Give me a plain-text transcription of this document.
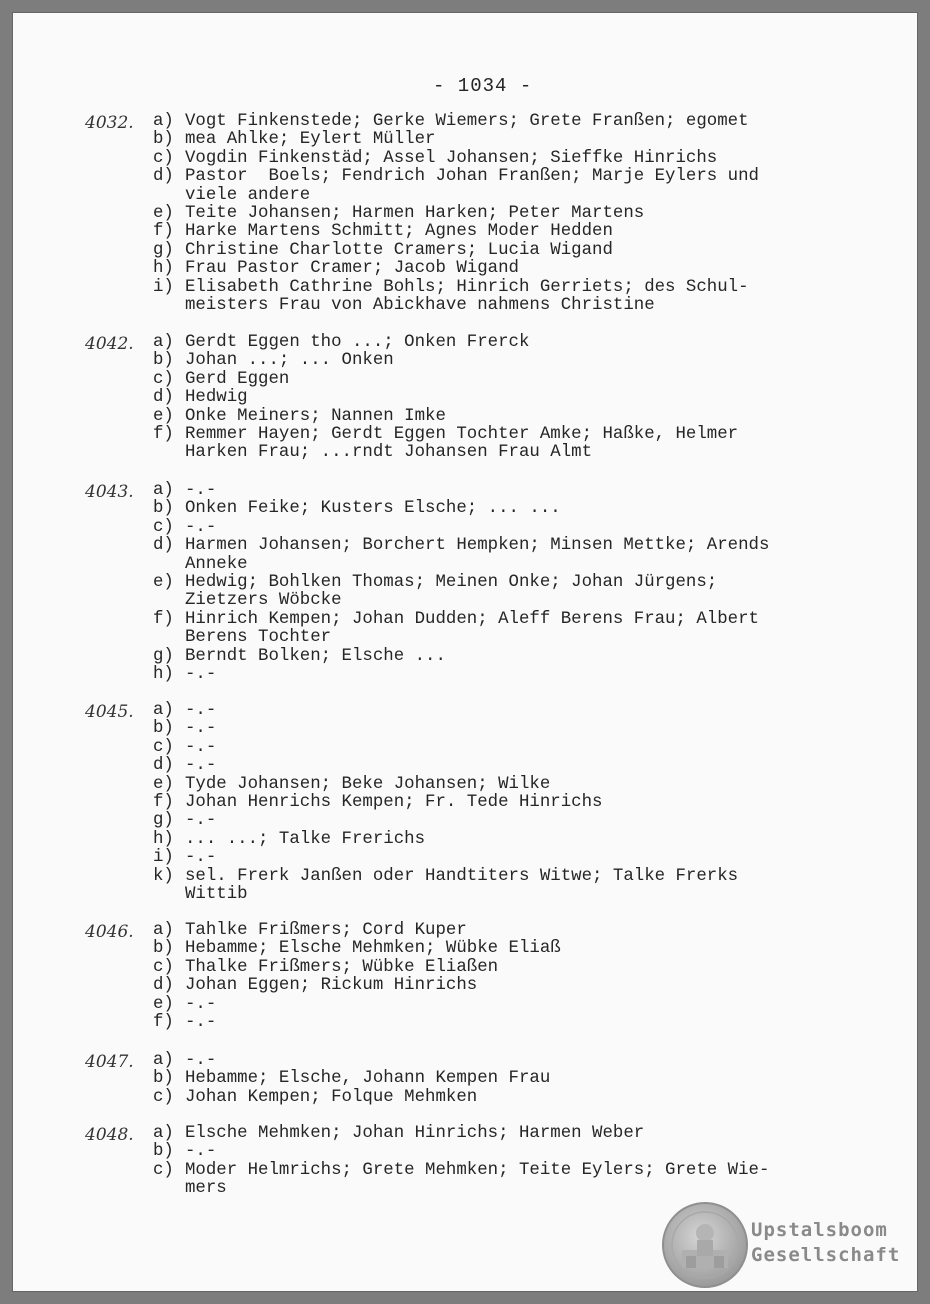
- 1034 -
4032. a) Vogt Finkenstede; Gerke Wiemers; Grete Franßen; egomet
b) mea Ahlke; Eylert Müller
c) Vogdin Finkenstäd; Assel Johansen; Sieffke Hinrichs
d) Pastor  Boels; Fendrich Johan Franßen; Marje Eylers und
viele andere
e) Teite Johansen; Harmen Harken; Peter Martens
f) Harke Martens Schmitt; Agnes Moder Hedden
g) Christine Charlotte Cramers; Lucia Wigand
h) Frau Pastor Cramer; Jacob Wigand
i) Elisabeth Cathrine Bohls; Hinrich Gerriets; des Schul-
meisters Frau von Abickhave nahmens Christine
4042. a) Gerdt Eggen tho ...; Onken Frerck
b) Johan ...; ... Onken
c) Gerd Eggen
d) Hedwig
e) Onke Meiners; Nannen Imke
f) Remmer Hayen; Gerdt Eggen Tochter Amke; Haßke, Helmer
Harken Frau; ...rndt Johansen Frau Almt
4043. a) -.-
b) Onken Feike; Kusters Elsche; ... ...
c) -.-
d) Harmen Johansen; Borchert Hempken; Minsen Mettke; Arends
Anneke
e) Hedwig; Bohlken Thomas; Meinen Onke; Johan Jürgens;
Zietzers Wöbcke
f) Hinrich Kempen; Johan Dudden; Aleff Berens Frau; Albert
Berens Tochter
g) Berndt Bolken; Elsche ...
h) -.-
4045. a) -.-
b) -.-
c) -.-
d) -.-
e) Tyde Johansen; Beke Johansen; Wilke
f) Johan Henrichs Kempen; Fr. Tede Hinrichs
g) -.-
h) ... ...; Talke Frerichs
i) -.-
k) sel. Frerk Janßen oder Handtiters Witwe; Talke Frerks
Wittib
4046. a) Tahlke Frißmers; Cord Kuper
b) Hebamme; Elsche Mehmken; Wübke Eliaß
c) Thalke Frißmers; Wübke Eliaßen
d) Johan Eggen; Rickum Hinrichs
e) -.-
f) -.-
4047. a) -.-
b) Hebamme; Elsche, Johann Kempen Frau
c) Johan Kempen; Folque Mehmken
4048. a) Elsche Mehmken; Johan Hinrichs; Harmen Weber
b) -.-
c) Moder Helmrichs; Grete Mehmken; Teite Eylers; Grete Wie-
mers
Upstalsboom
Gesellschaft
